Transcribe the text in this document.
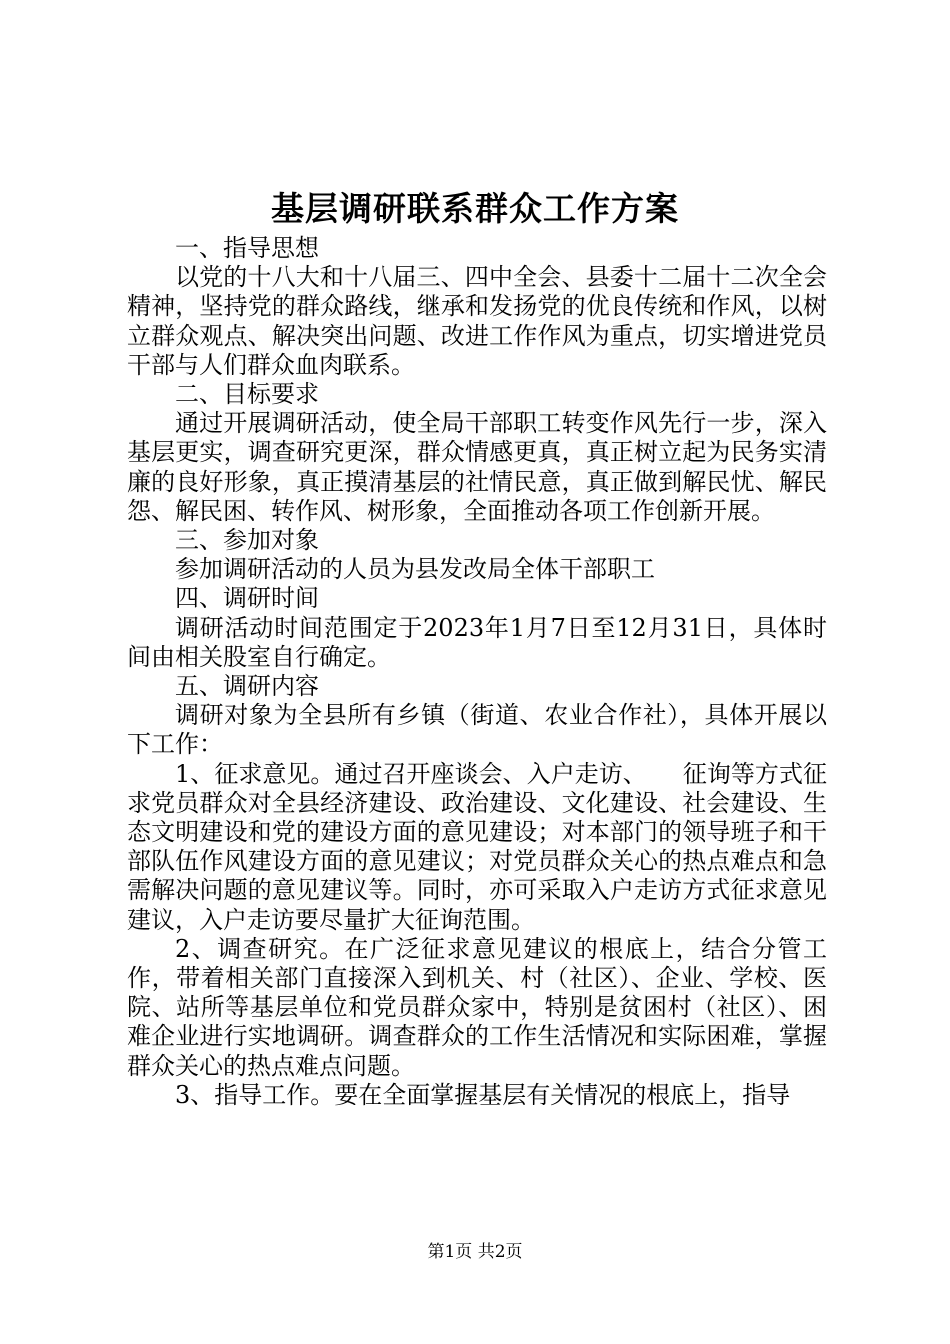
基层调研联系群众工作方案

一、指导思想

以党的十八大和十八届三、四中全会、县委十二届十二次全会精神，坚持党的群众路线，继承和发扬党的优良传统和作风，以树立群众观点、解决突出问题、改进工作作风为重点，切实增进党员干部与人们群众血肉联系。

二、目标要求

通过开展调研活动，使全局干部职工转变作风先行一步，深入基层更实，调查研究更深，群众情感更真，真正树立起为民务实清廉的良好形象，真正摸清基层的社情民意，真正做到解民忧、解民怨、解民困、转作风、树形象，全面推动各项工作创新开展。

三、参加对象

参加调研活动的人员为县发改局全体干部职工

四、调研时间

调研活动时间范围定于2023年1月7日至12月31日，具体时间由相关股室自行确定。

五、调研内容

调研对象为全县所有乡镇（街道、农业合作社），具体开展以下工作：

1、征求意见。通过召开座谈会、入户走访、　　征询等方式征求党员群众对全县经济建设、政治建设、文化建设、社会建设、生态文明建设和党的建设方面的意见建设；对本部门的领导班子和干部队伍作风建设方面的意见建议；对党员群众关心的热点难点和急需解决问题的意见建议等。同时，亦可采取入户走访方式征求意见建议，入户走访要尽量扩大征询范围。

2、调查研究。在广泛征求意见建议的根底上，结合分管工作，带着相关部门直接深入到机关、村（社区）、企业、学校、医院、站所等基层单位和党员群众家中，特别是贫困村（社区）、困难企业进行实地调研。调查群众的工作生活情况和实际困难，掌握群众关心的热点难点问题。

3、指导工作。要在全面掌握基层有关情况的根底上，指导

第1页 共2页
